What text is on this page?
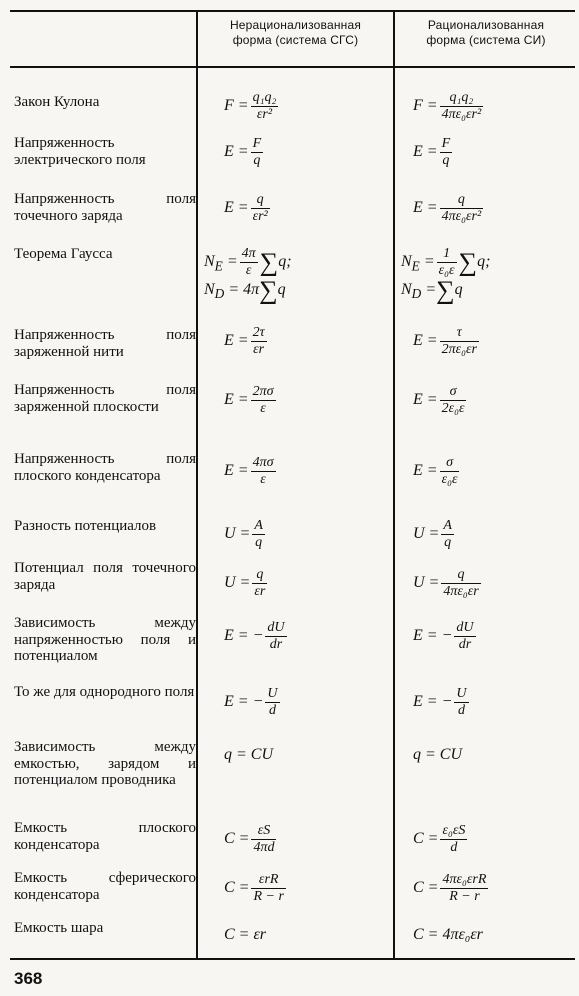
Нерационализованная
форма (система СГС)
Рационализованная
форма (система СИ)
Закон Кулона
Напряженность электрического поля
Напряженность поля точечного заряда
Теорема Гаусса
Напряженность поля заряженной нити
Напряженность поля заряженной плоскости
Напряженность поля плоского конденсатора
Разность потенциалов
Потенциал поля точечного заряда
Зависимость между напряженностью поля и потенциалом
То же для однородного поля
Зависимость между емкостью, зарядом и потенциалом проводника
Емкость плоского конденсатора
Емкость сферического конденсатора
Емкость шара
$F = \frac{\text{q₁q₂}}{\text{εr²}}$
$E = \frac{F}{q}$
$E = \frac{q}{\text{εr²}}$
$N_E = \frac{4\pi}{\varepsilon} \sum q$;
$N_D = 4\pi\sum q$
$E = \frac{2\tau}{\varepsilon r}$
$E = \frac{2\pi\sigma}{\varepsilon}$
$E = \frac{4\pi\sigma}{\varepsilon}$
$U = \frac{A}{q}$
$U = \frac{q}{\varepsilon r}$
E = − $\frac{dU}{dr}$
E = − $\frac{U}{d}$
q = CU
$C = \frac{\varepsilon S}{4\pi d}$
$C = \frac{\text{εrR}}{R - r}$
C = εr
$F = \frac{\text{q₁q₂}}{\text{4πε₀εr²}}$
$E = \frac{F}{q}$
$E = \frac{q}{\text{4πε₀εr²}}$
$N_E = \frac{1}{\text{ε₀ε}} \sum q$;
$N_D =\sum q$
$E = \frac{\tau}{\text{2πε₀εr}}$
$E = \frac{\sigma}{\text{2ε₀ε}}$
$E = \frac{\sigma}{\text{ε₀ε}}$
$U = \frac{A}{q}$
$U = \frac{q}{\text{4πε₀εr}}$
E = − $\frac{dU}{dr}$
E = − $\frac{U}{d}$
q = CU
$C = \frac{\text{ε₀εS}}{d}$
$C = \frac{\text{4πε₀εrR}}{R - r}$
C = 4πε₀εr
368
